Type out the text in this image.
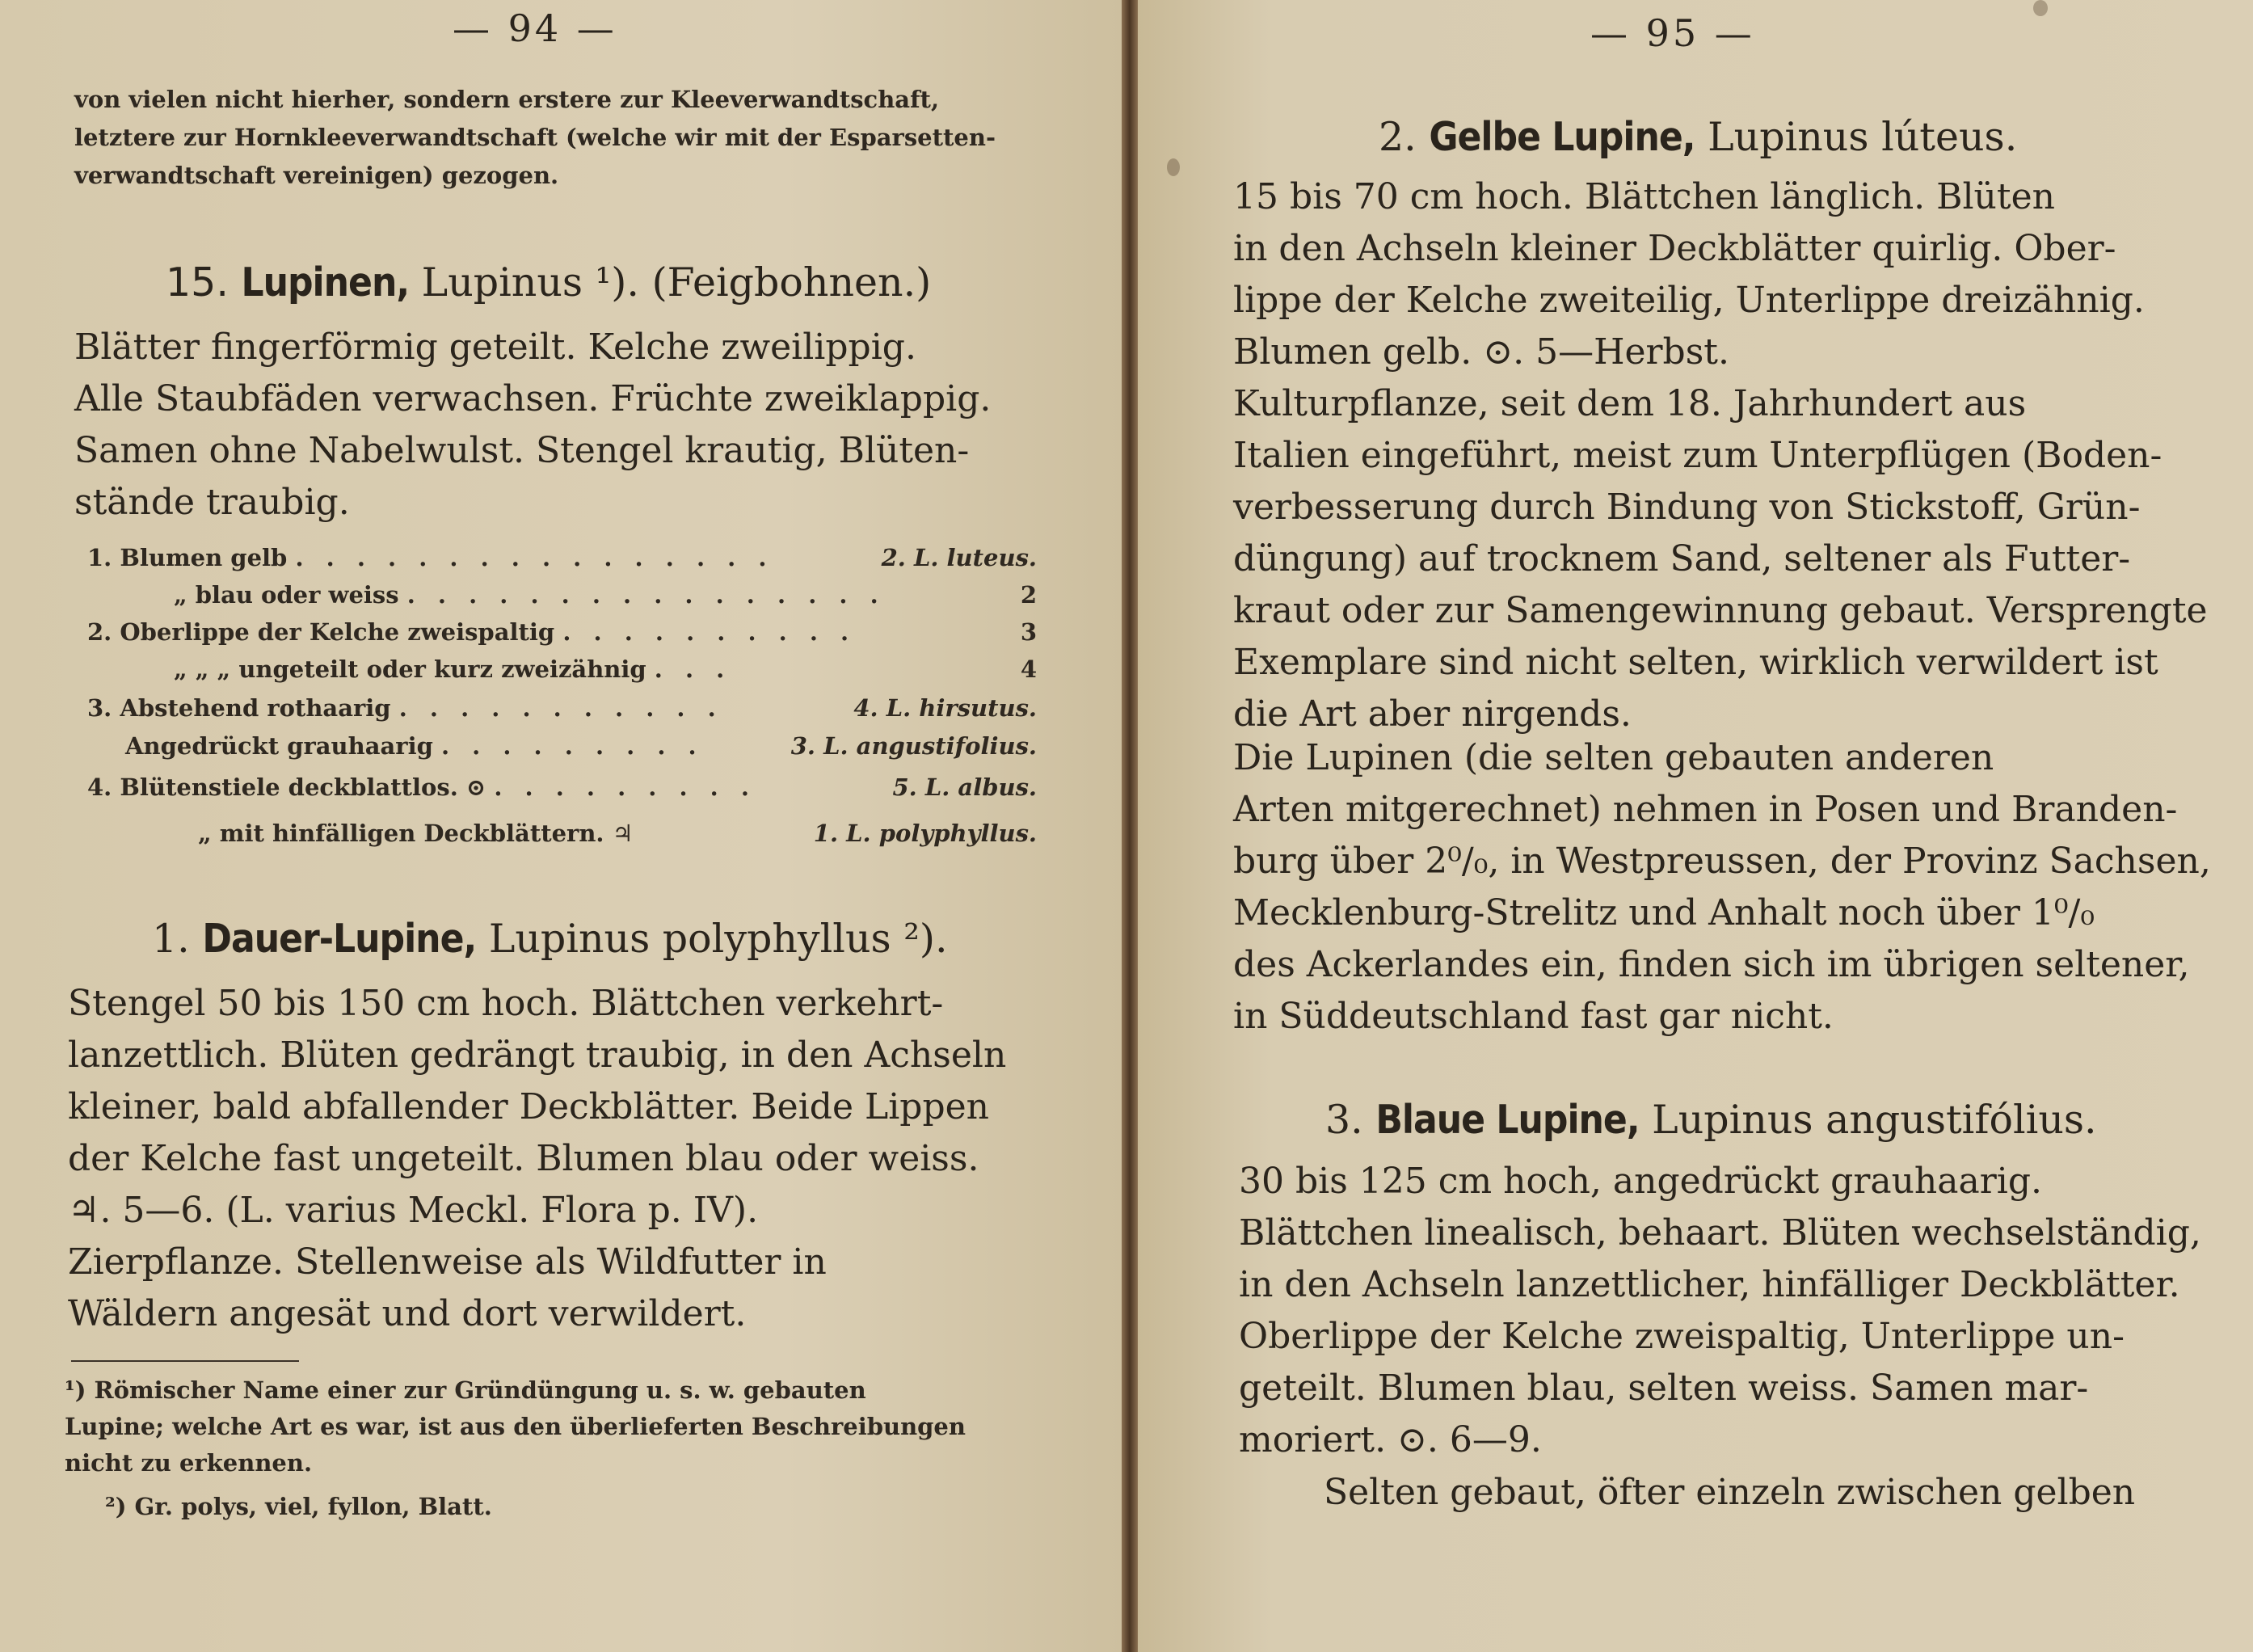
— 94 —
von vielen nicht hierher, sondern erstere zur Kleeverwandtschaft,
letztere zur Hornkleeverwandtschaft (welche wir mit der Esparsetten-
verwandtschaft vereinigen) gezogen.
15. Lupinen, Lupinus ¹). (Feigbohnen.)
Blätter fingerförmig geteilt. Kelche zweilippig.
Alle Staubfäden verwachsen. Früchte zweiklappig.
Samen ohne Nabelwulst. Stengel krautig, Blüten-
stände traubig.
1. Blumen gelb . . . . . . . . . . . . . . . .	2. L. luteus.
„ blau oder weiss . . . . . . . . . . . . . . . .	2
2. Oberlippe der Kelche zweispaltig . . . . . . . . . .	3
„ „ „ ungeteilt oder kurz zweizähnig . . .	4
3. Abstehend rothaarig . . . . . . . . . . .	4. L. hirsutus.
Angedrückt grauhaarig . . . . . . . . .	3. L. angustifolius.
4. Blütenstiele deckblattlos. ⊙ . . . . . . . . .	5. L. albus.
„ mit hinfälligen Deckblättern. ♃	1. L. polyphyllus.
1. Dauer-Lupine, Lupinus polyphyllus ²).
Stengel 50 bis 150 cm hoch. Blättchen verkehrt-
lanzettlich. Blüten gedrängt traubig, in den Achseln
kleiner, bald abfallender Deckblätter. Beide Lippen
der Kelche fast ungeteilt. Blumen blau oder weiss.
♃. 5—6. (L. varius Meckl. Flora p. IV).
Zierpflanze. Stellenweise als Wildfutter in
Wäldern angesät und dort verwildert.
¹) Römischer Name einer zur Gründüngung u. s. w. gebauten
Lupine; welche Art es war, ist aus den überlieferten Beschreibungen
nicht zu erkennen.
²) Gr. polys, viel, fyllon, Blatt.
— 95 —
2. Gelbe Lupine, Lupinus lúteus.
15 bis 70 cm hoch. Blättchen länglich. Blüten
in den Achseln kleiner Deckblätter quirlig. Ober-
lippe der Kelche zweiteilig, Unterlippe dreizähnig.
Blumen gelb. ⊙. 5—Herbst.
Kulturpflanze, seit dem 18. Jahrhundert aus
Italien eingeführt, meist zum Unterpflügen (Boden-
verbesserung durch Bindung von Stickstoff, Grün-
düngung) auf trocknem Sand, seltener als Futter-
kraut oder zur Samengewinnung gebaut. Versprengte
Exemplare sind nicht selten, wirklich verwildert ist
die Art aber nirgends.
Die Lupinen (die selten gebauten anderen
Arten mitgerechnet) nehmen in Posen und Branden-
burg über 2⁰/₀, in Westpreussen, der Provinz Sachsen,
Mecklenburg-Strelitz und Anhalt noch über 1⁰/₀
des Ackerlandes ein, finden sich im übrigen seltener,
in Süddeutschland fast gar nicht.
3. Blaue Lupine, Lupinus angustifólius.
30 bis 125 cm hoch, angedrückt grauhaarig.
Blättchen linealisch, behaart. Blüten wechselständig,
in den Achseln lanzettlicher, hinfälliger Deckblätter.
Oberlippe der Kelche zweispaltig, Unterlippe un-
geteilt. Blumen blau, selten weiss. Samen mar-
moriert. ⊙. 6—9.
Selten gebaut, öfter einzeln zwischen gelben
